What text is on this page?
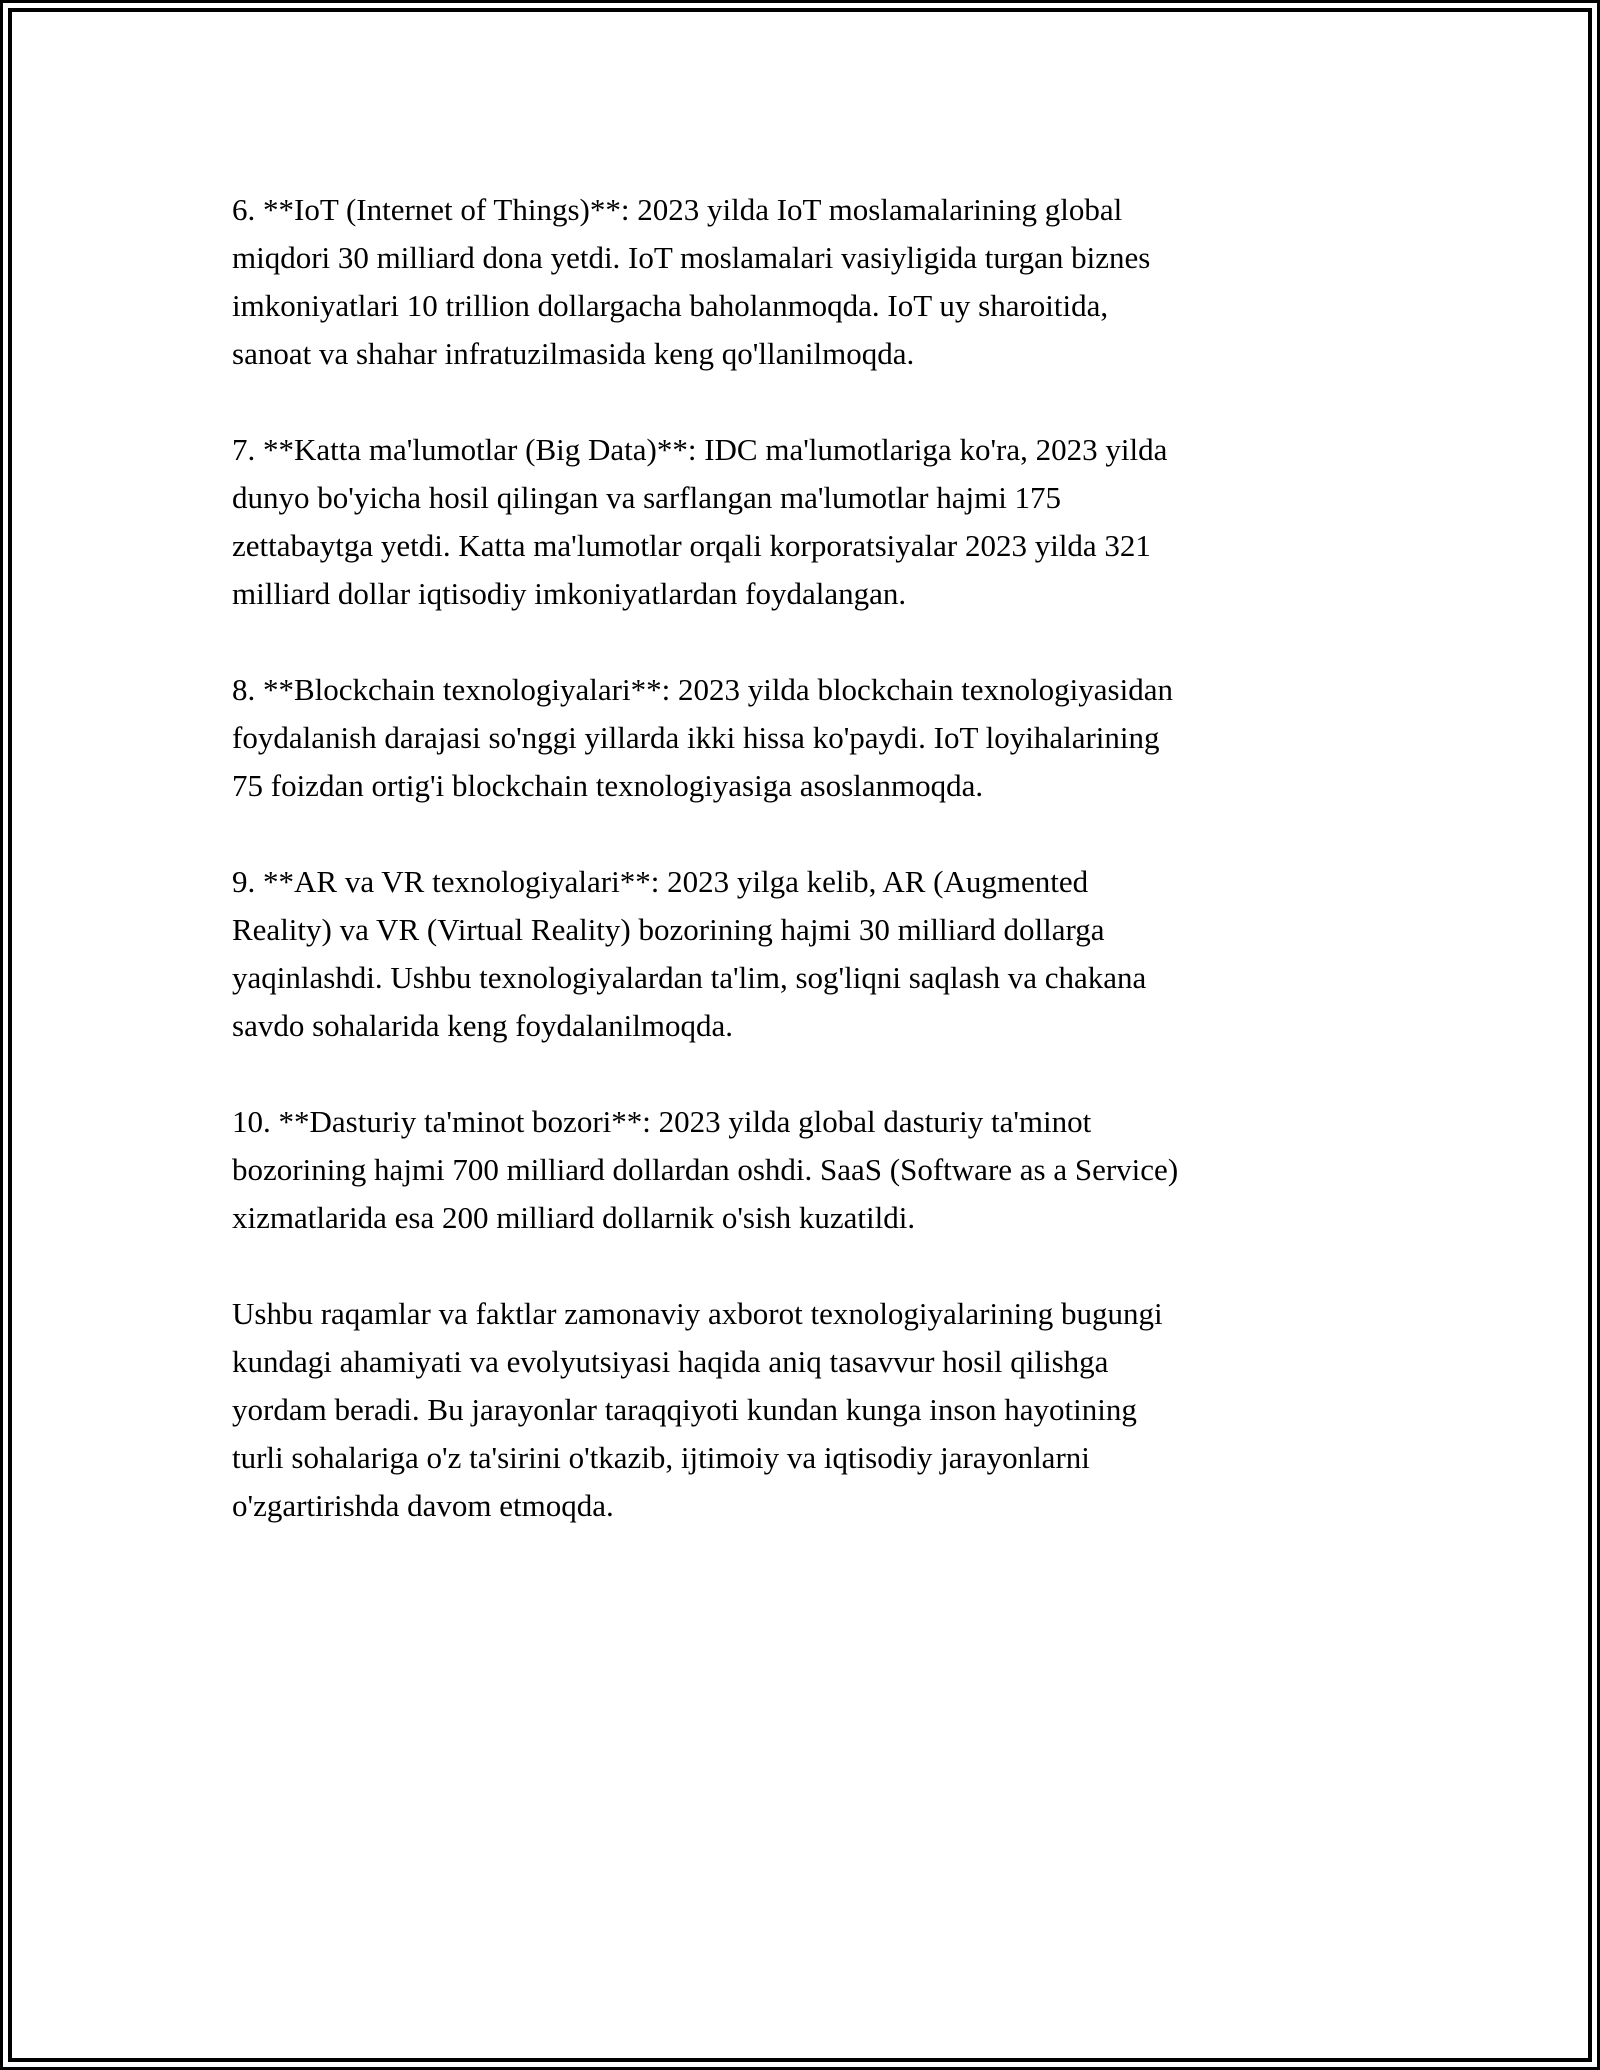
6. **IoT (Internet of Things)**: 2023 yilda IoT moslamalarining global
miqdori 30 milliard dona yetdi. IoT moslamalari vasiyligida turgan biznes
imkoniyatlari 10 trillion dollargacha baholanmoqda. IoT uy sharoitida,
sanoat va shahar infratuzilmasida keng qo'llanilmoqda.
7. **Katta ma'lumotlar (Big Data)**: IDC ma'lumotlariga ko'ra, 2023 yilda
dunyo bo'yicha hosil qilingan va sarflangan ma'lumotlar hajmi 175
zettabaytga yetdi. Katta ma'lumotlar orqali korporatsiyalar 2023 yilda 321
milliard dollar iqtisodiy imkoniyatlardan foydalangan.
8. **Blockchain texnologiyalari**: 2023 yilda blockchain texnologiyasidan
foydalanish darajasi so'nggi yillarda ikki hissa ko'paydi. IoT loyihalarining
75 foizdan ortig'i blockchain texnologiyasiga asoslanmoqda.
9. **AR va VR texnologiyalari**: 2023 yilga kelib, AR (Augmented
Reality) va VR (Virtual Reality) bozorining hajmi 30 milliard dollarga
yaqinlashdi. Ushbu texnologiyalardan ta'lim, sog'liqni saqlash va chakana
savdo sohalarida keng foydalanilmoqda.
10. **Dasturiy ta'minot bozori**: 2023 yilda global dasturiy ta'minot
bozorining hajmi 700 milliard dollardan oshdi. SaaS (Software as a Service)
xizmatlarida esa 200 milliard dollarnik o'sish kuzatildi.
Ushbu raqamlar va faktlar zamonaviy axborot texnologiyalarining bugungi
kundagi ahamiyati va evolyutsiyasi haqida aniq tasavvur hosil qilishga
yordam beradi. Bu jarayonlar taraqqiyoti kundan kunga inson hayotining
turli sohalariga o'z ta'sirini o'tkazib, ijtimoiy va iqtisodiy jarayonlarni
o'zgartirishda davom etmoqda.
